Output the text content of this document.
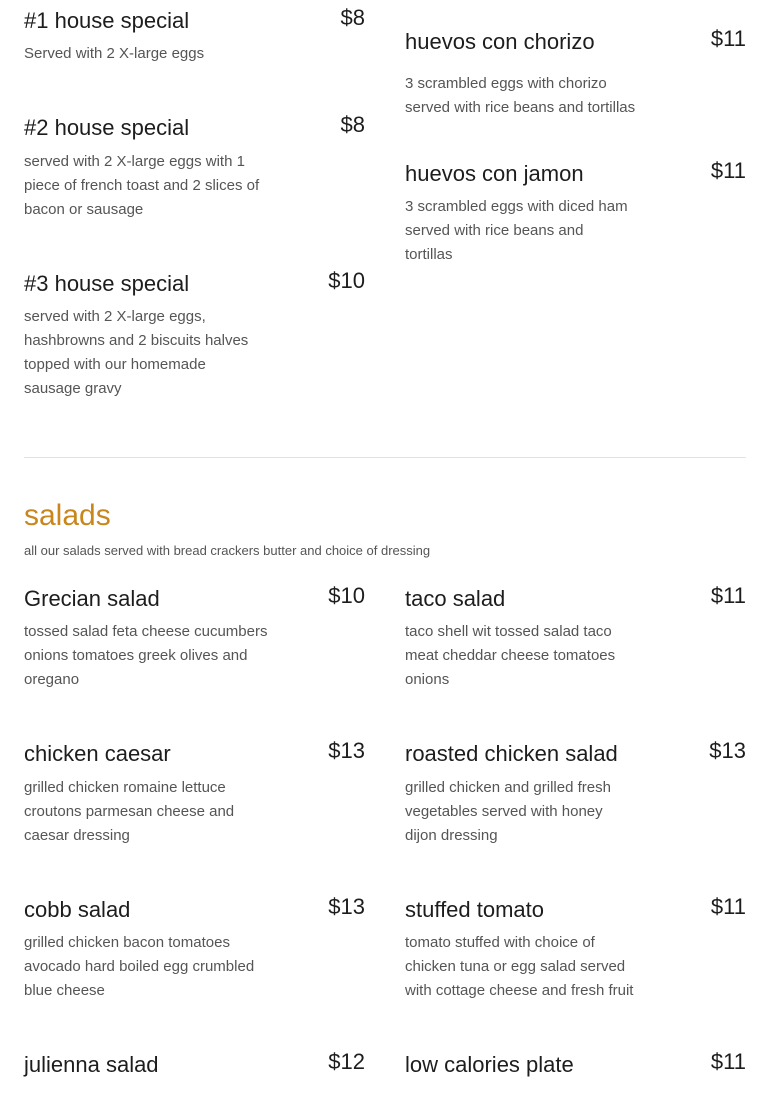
#1 house special	$8
Served with 2 X-large eggs	huevos con chorizo	$11
3 scrambled eggs with chorizo
served with rice beans and tortillas
#2 house special	$8
served with 2 X-large eggs with 1
piece of french toast and 2 slices of
bacon or sausage
huevos con jamon	$11
3 scrambled eggs with diced ham
served with rice beans and
tortillas
#3 house special	$10
served with 2 X-large eggs,
hashbrowns and 2 biscuits halves
topped with our homemade
sausage gravy
salads
all our salads served with bread crackers butter and choice of dressing
Grecian salad	$10
tossed salad feta cheese cucumbers
onions tomatoes greek olives and
oregano
taco salad	$11
taco shell wit tossed salad taco
meat cheddar cheese tomatoes
onions
chicken caesar	$13
grilled chicken romaine lettuce
croutons parmesan cheese and
caesar dressing
roasted chicken salad	$13
grilled chicken and grilled fresh
vegetables served with honey
dijon dressing
cobb salad	$13
grilled chicken bacon tomatoes
avocado hard boiled egg crumbled
blue cheese
stuffed tomato	$11
tomato stuffed with choice of
chicken tuna or egg salad served
with cottage cheese and fresh fruit
julienna salad	$12 low calories plate	$11
